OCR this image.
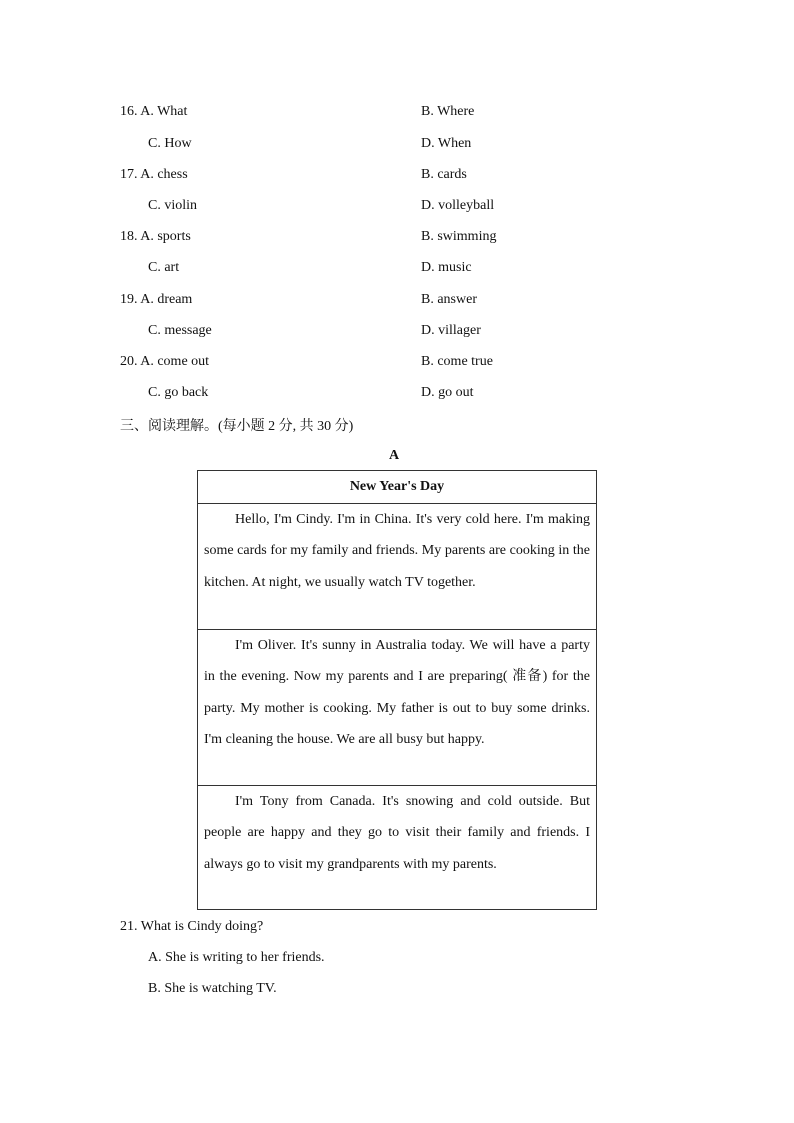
16. A. What	B. Where
C. How	D. When
17. A. chess	B. cards
C. violin	D. volleyball
18. A. sports	B. swimming
C. art	D. music
19. A. dream	B. answer
C. message	D. villager
20. A. come out	B. come true
C. go back	D. go out
三、阅读理解。(每小题 2 分, 共 30 分)
A
New Year's Day
Hello, I'm Cindy. I'm in China. It's very cold here. I'm making some cards for my family and friends. My parents are cooking in the kitchen. At night, we usually watch TV together.
I'm Oliver. It's sunny in Australia today. We will have a party in the evening. Now my parents and I are preparing( 准备) for the party. My mother is cooking. My father is out to buy some drinks. I'm cleaning the house. We are all busy but happy.
I'm Tony from Canada. It's snowing and cold outside. But people are happy and they go to visit their family and friends. I always go to visit my grandparents with my parents.
21. What is Cindy doing?
A. She is writing to her friends.
B. She is watching TV.
